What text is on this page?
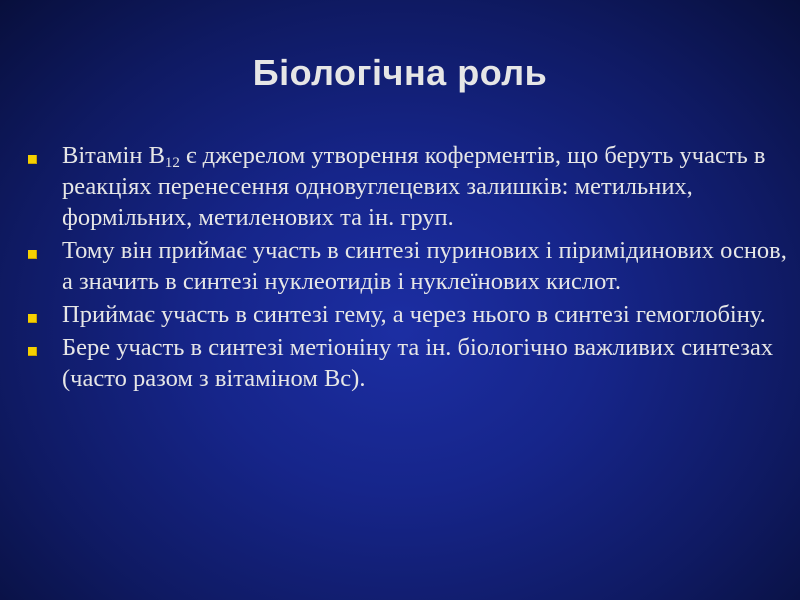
Біологічна роль
Вітамін $B_{12}$ є джерелом утворення коферментів, що беруть участь в реакціях перенесення одновуглецевих залишків: метильних, формільних, метиленових та ін. груп.
Тому він приймає участь в синтезі пуринових і піримідинових основ, а значить в синтезі нуклеотидів і нуклеїнових кислот.
Приймає участь в синтезі гему, а через нього в синтезі гемоглобіну.
Бере участь в синтезі метіоніну та ін. біологічно важливих синтезах (часто разом з вітаміном Bc).
